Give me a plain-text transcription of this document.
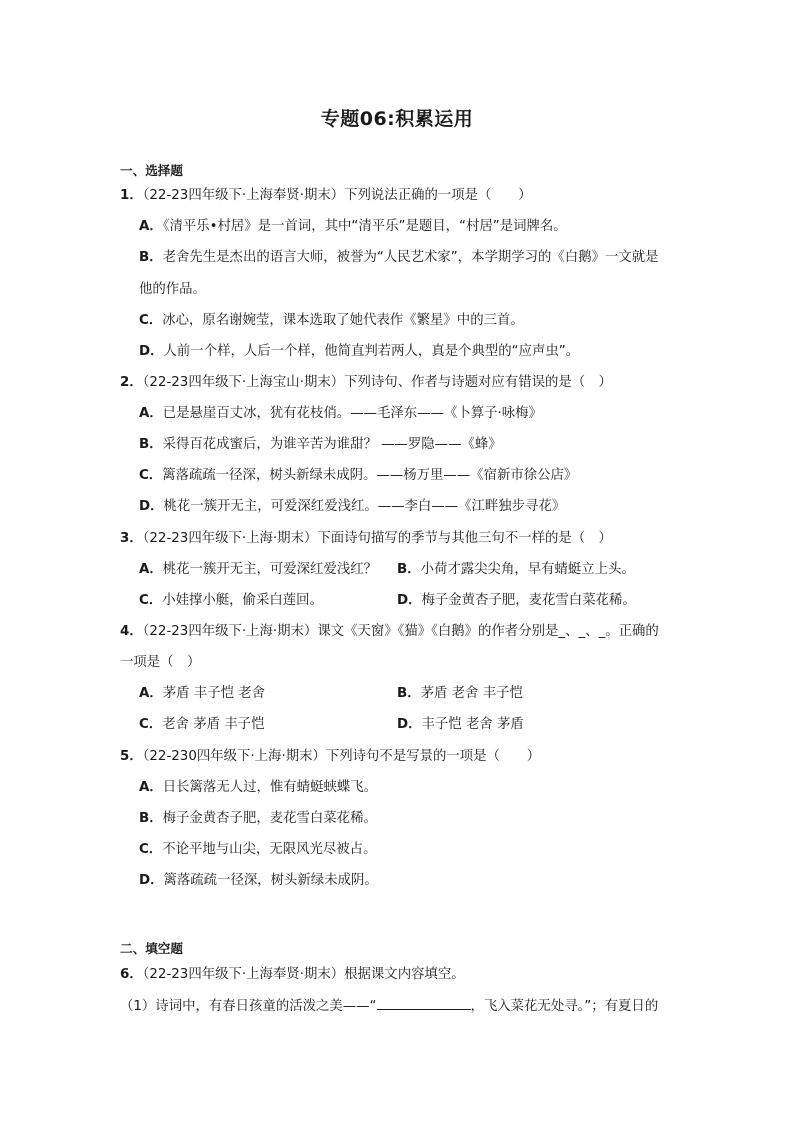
专题06:积累运用
一、选择题
1．（22-23四年级下·上海奉贤·期末）下列说法正确的一项是（　　）
A．《清平乐•村居》是一首词，其中“清平乐”是题目，“村居”是词牌名。
B．老舍先生是杰出的语言大师，被誉为“人民艺术家”，本学期学习的《白鹅》一文就是
他的作品。
C．冰心，原名谢婉莹，课本选取了她代表作《繁星》中的三首。
D．人前一个样，人后一个样，他简直判若两人，真是个典型的“应声虫”。
2．（22-23四年级下·上海宝山·期末）下列诗句、作者与诗题对应有错误的是（　）
A．已是悬崖百丈冰，犹有花枝俏。——毛泽东——《卜算子·咏梅》
B．采得百花成蜜后，为谁辛苦为谁甜？ ——罗隐——《蜂》
C．篱落疏疏一径深，树头新绿未成阴。——杨万里——《宿新市徐公店》
D．桃花一簇开无主，可爱深红爱浅红。——李白——《江畔独步寻花》
3．（22-23四年级下·上海·期末）下面诗句描写的季节与其他三句不一样的是（　）
A．桃花一簇开无主，可爱深红爱浅红？ B．小荷才露尖尖角，早有蜻蜓立上头。
C．小娃撑小艇，偷采白莲回。	D．梅子金黄杏子肥，麦花雪白菜花稀。
4．（22-23四年级下·上海·期末）课文《天窗》《猫》《白鹅》的作者分别是_、_、_。正确的
一项是（　）
A．茅盾 丰子恺 老舍	B．茅盾 老舍 丰子恺
C．老舍 茅盾 丰子恺	D．丰子恺 老舍 茅盾
5．（22-230四年级下·上海·期末）下列诗句不是写景的一项是（　　）
A．日长篱落无人过，惟有蜻蜓蛱蝶飞。
B．梅子金黄杏子肥，麦花雪白菜花稀。
C．不论平地与山尖，无限风光尽被占。
D．篱落疏疏一径深，树头新绿未成阴。
二、填空题
6．（22-23四年级下·上海奉贤·期末）根据课文内容填空。
（1）诗词中，有春日孩童的活泼之美——“	，飞入菜花无处寻。”；有夏日的
